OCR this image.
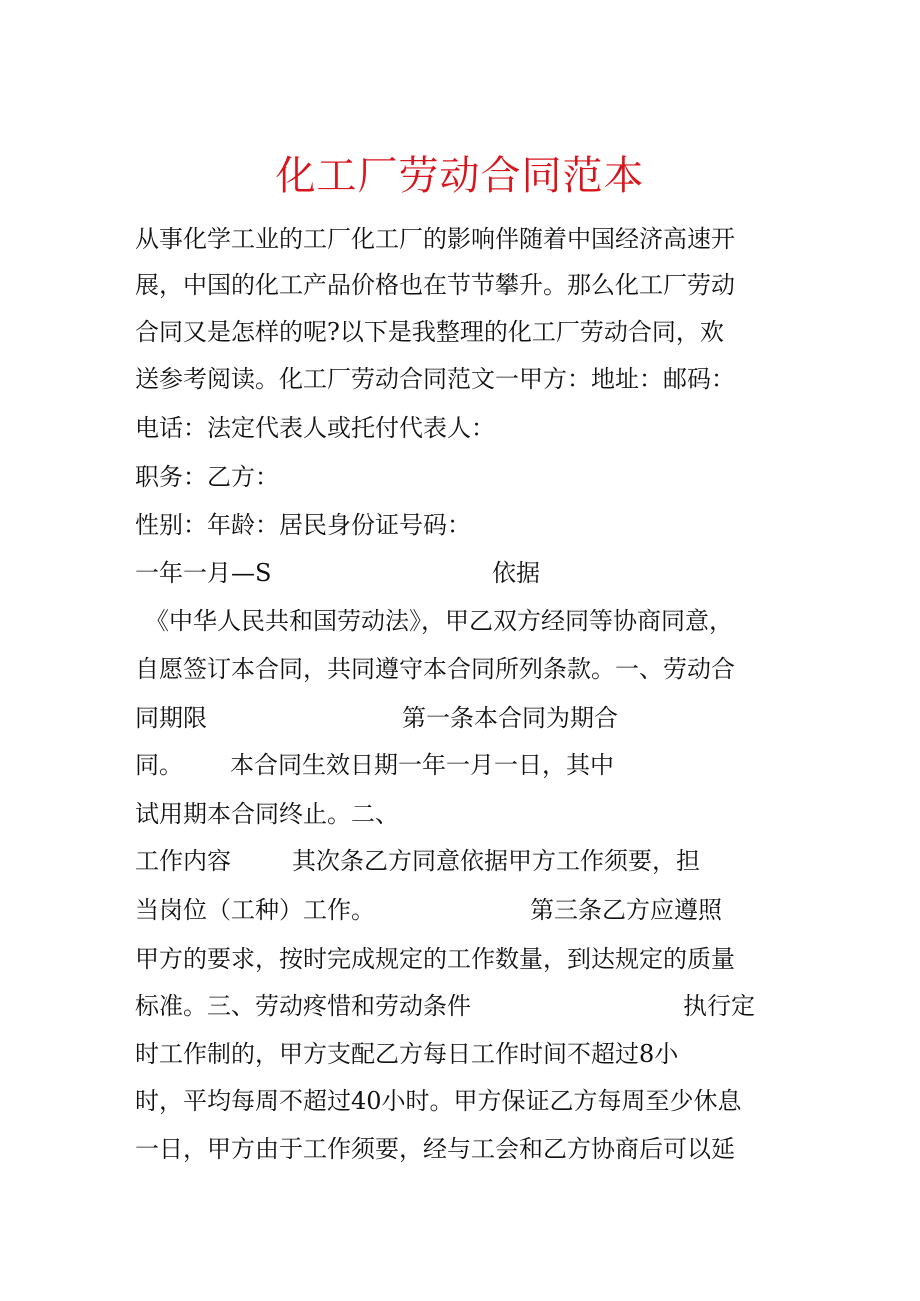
化工厂劳动合同范本
从事化学工业的工厂化工厂的影响伴随着中国经济高速开
展，中国的化工产品价格也在节节攀升。那么化工厂劳动
合同又是怎样的呢?以下是我整理的化工厂劳动合同，欢
送参考阅读。化工厂劳动合同范文一甲方：地址：邮码：
电话：法定代表人或托付代表人：
职务：乙方：
性别：年龄：居民身份证号码：
一年一月—S	依据
《中华人民共和国劳动法》，甲乙双方经同等协商同意，
自愿签订本合同，共同遵守本合同所列条款。一、劳动合
同期限	第一条本合同为期合
同。 本合同生效日期一年一月一日，其中
试用期本合同终止。二、
工作内容	其次条乙方同意依据甲方工作须要，担
当岗位（工种）工作。	第三条乙方应遵照
甲方的要求，按时完成规定的工作数量，到达规定的质量
标准。三、劳动疼惜和劳动条件	执行定
时工作制的，甲方支配乙方每日工作时间不超过8小
时，平均每周不超过40小时。甲方保证乙方每周至少休息
一日，甲方由于工作须要，经与工会和乙方协商后可以延
